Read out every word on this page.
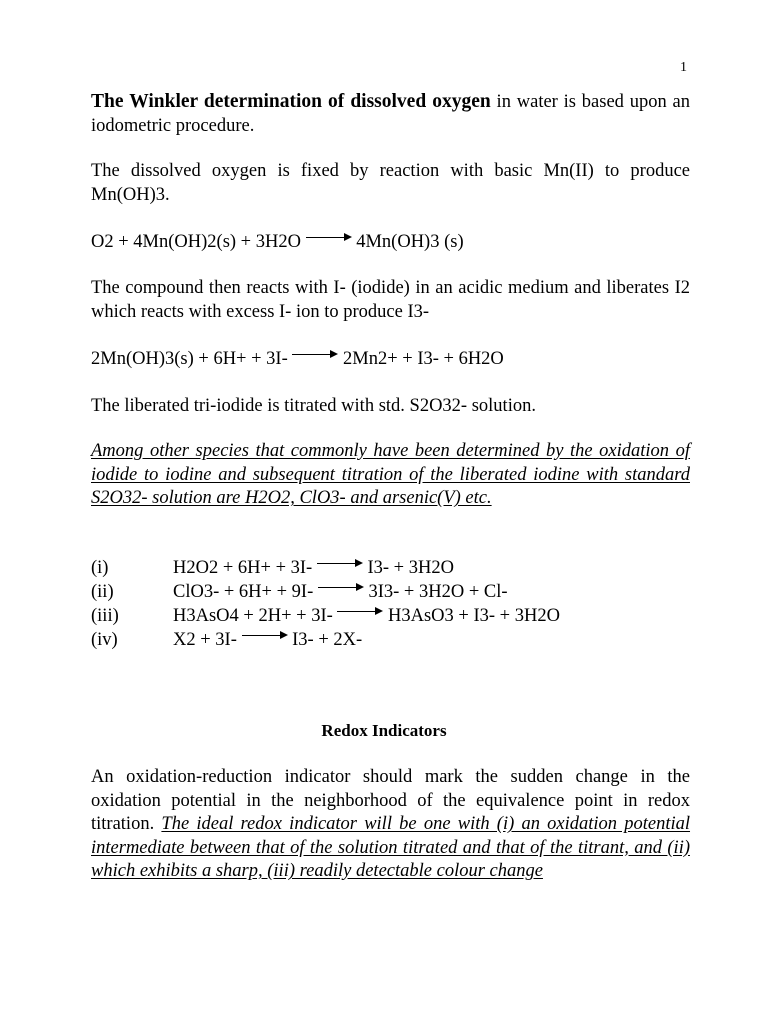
1
The Winkler determination of dissolved oxygen in water is based upon an iodometric procedure.
The dissolved oxygen is fixed by reaction with basic Mn(II) to produce Mn(OH)3.
O2 + 4Mn(OH)2(s) + 3H2O	4Mn(OH)3 (s)
The compound then reacts with I- (iodide) in an acidic medium and liberates I2 which reacts with excess I- ion to produce I3-
2Mn(OH)3(s) + 6H+ + 3I-	2Mn2+ + I3- + 6H2O
The liberated tri-iodide is titrated with std. S2O32- solution.
Among other species that commonly have been determined by the oxidation of iodide to iodine and subsequent titration of the liberated iodine with standard S2O32- solution are H2O2, ClO3- and arsenic(V) etc.
(i)	H2O2 + 6H+ + 3I-	I3- + 3H2O
(ii)	ClO3- + 6H+ + 9I-	3I3- + 3H2O + Cl-
(iii)	H3AsO4 + 2H+ + 3I-	H3AsO3 + I3- + 3H2O
(iv)	X2 + 3I-	I3- + 2X-
Redox Indicators
An oxidation-reduction indicator should mark the sudden change in the oxidation potential in the neighborhood of the equivalence point in redox titration. The ideal redox indicator will be one with (i) an oxidation potential intermediate between that of the solution titrated and that of the titrant, and (ii) which exhibits a sharp, (iii) readily detectable colour change
